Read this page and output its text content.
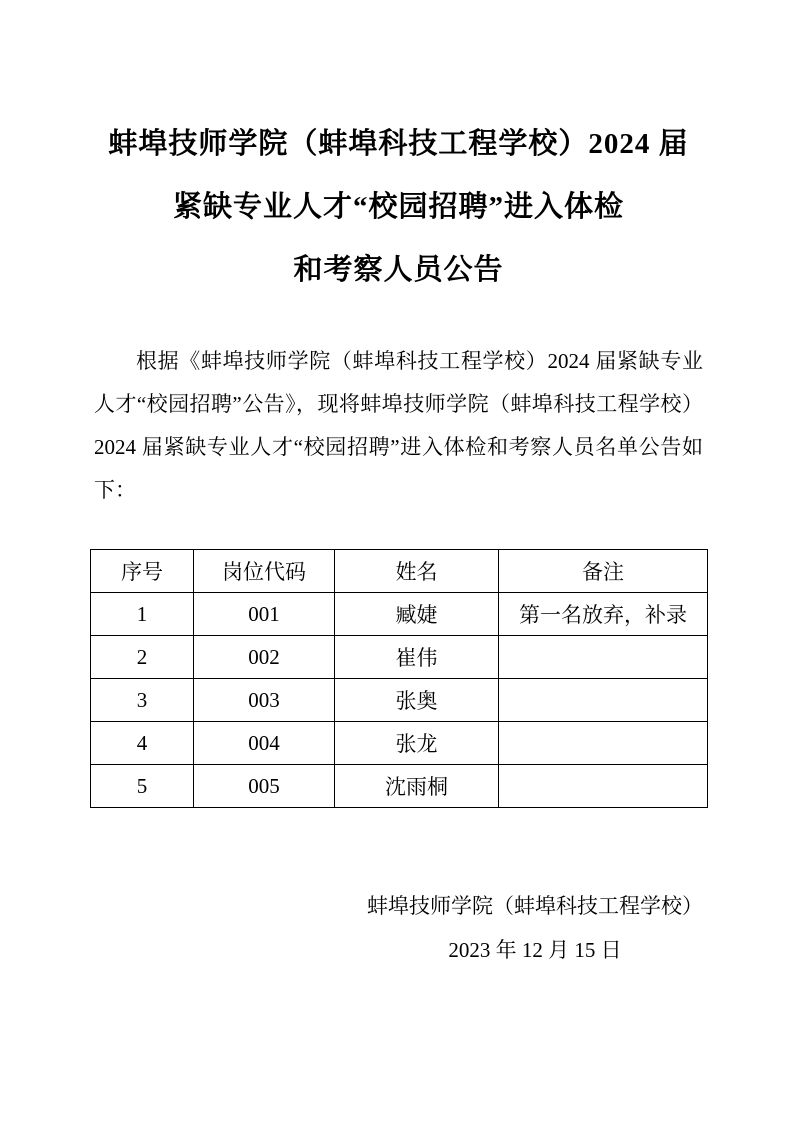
蚌埠技师学院（蚌埠科技工程学校）2024 届
紧缺专业人才“校园招聘”进入体检
和考察人员公告

根据《蚌埠技师学院（蚌埠科技工程学校）2024 届紧缺专业人才“校园招聘”公告》，现将蚌埠技师学院（蚌埠科技工程学校）2024 届紧缺专业人才“校园招聘”进入体检和考察人员名单公告如下：

序号	岗位代码	姓名	备注
1	001	臧婕	第一名放弃，补录
2	002	崔伟	
3	003	张奥	
4	004	张龙	
5	005	沈雨桐	
蚌埠技师学院（蚌埠科技工程学校）
2023 年 12 月 15 日
